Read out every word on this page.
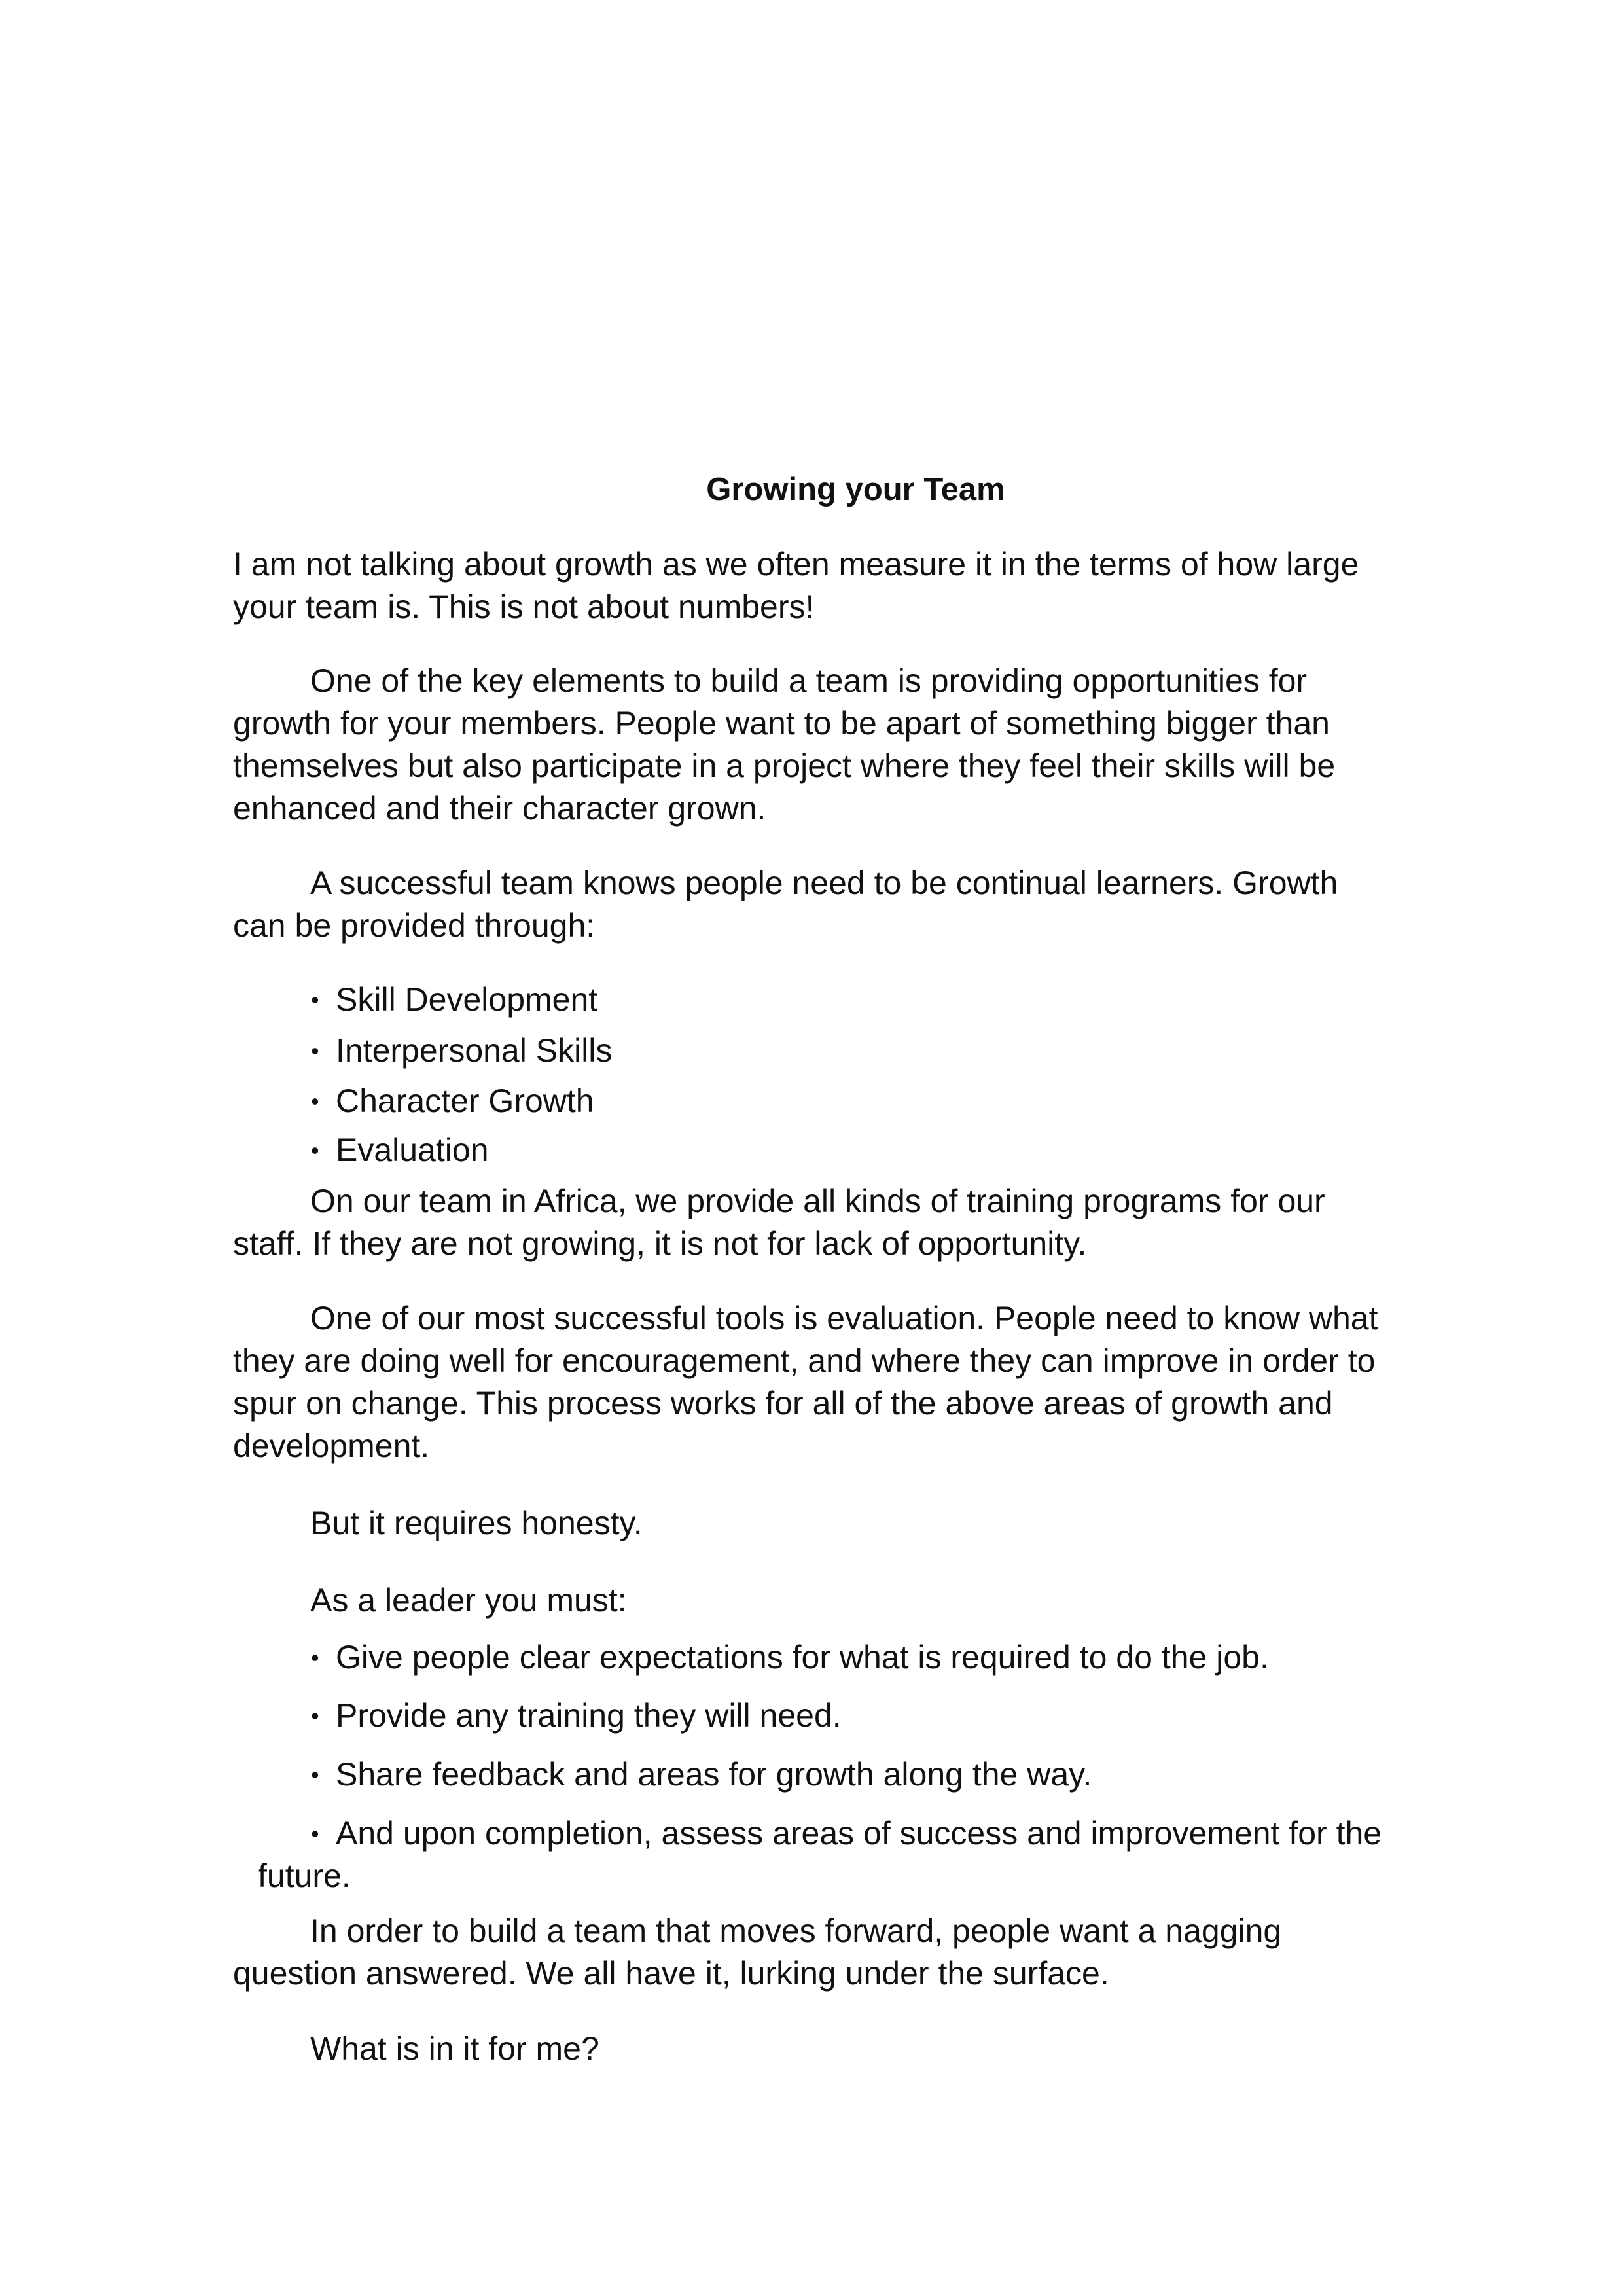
Growing your Team

I am not talking about growth as we often measure it in the terms of how large
your team is. This is not about numbers!

One of the key elements to build a team is providing opportunities for
growth for your members. People want to be apart of something bigger than
themselves but also participate in a project where they feel their skills will be
enhanced and their character grown.

A successful team knows people need to be continual learners. Growth
can be provided through:

• Skill Development

• Interpersonal Skills

• Character Growth

• Evaluation

On our team in Africa, we provide all kinds of training programs for our
staff. If they are not growing, it is not for lack of opportunity.

One of our most successful tools is evaluation. People need to know what
they are doing well for encouragement, and where they can improve in order to
spur on change. This process works for all of the above areas of growth and
development.

But it requires honesty.

As a leader you must:

• Give people clear expectations for what is required to do the job.

• Provide any training they will need.

• Share feedback and areas for growth along the way.

• And upon completion, assess areas of success and improvement for the
future.

In order to build a team that moves forward, people want a nagging
question answered. We all have it, lurking under the surface.

What is in it for me?
